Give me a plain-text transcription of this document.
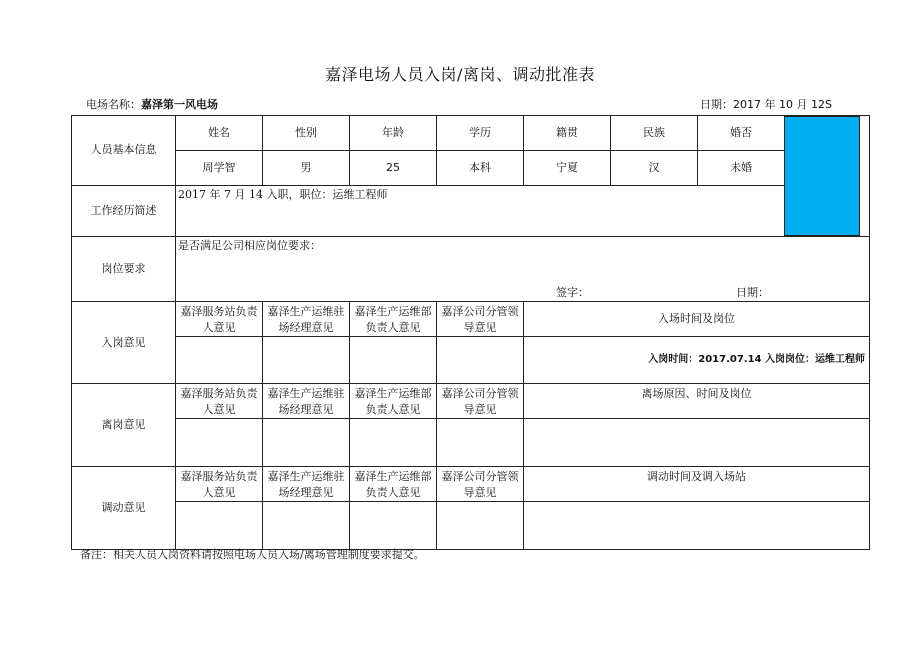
嘉泽电场人员入岗/离岗、调动批准表
电场名称：嘉泽第一风电场	日期：2017 年 10 月 12S
人员基本信息	姓名	性别	年龄	学历	籍贯	民族	婚否	

	周学智	男	25	本科	宁夏	汉	未婚	
工作经历简述	2017 年 7 月 14 入职，职位：运维工程师							
岗位要求	是否满足公司相应岗位要求：
签字： 日期：							

入岗意见	嘉泽服务站负责人意见	嘉泽生产运维驻场经理意见	嘉泽生产运维部负责人意见	嘉泽公司分管领导意见	入场时间及岗位			
					入岗时间：2017.07.14 入岗岗位：运维工程师			
离岗意见	嘉泽服务站负责人意见	嘉泽生产运维驻场经理意见	嘉泽生产运维部负责人意见	嘉泽公司分管领导意见	离场原因、时间及岗位			

调动意见	嘉泽服务站负责人意见	嘉泽生产运维驻场经理意见	嘉泽生产运维部负责人意见	嘉泽公司分管领导意见	调动时间及调入场站			

备注：相关人员入岗资料请按照电场人员入场/离场管理制度要求提交。
